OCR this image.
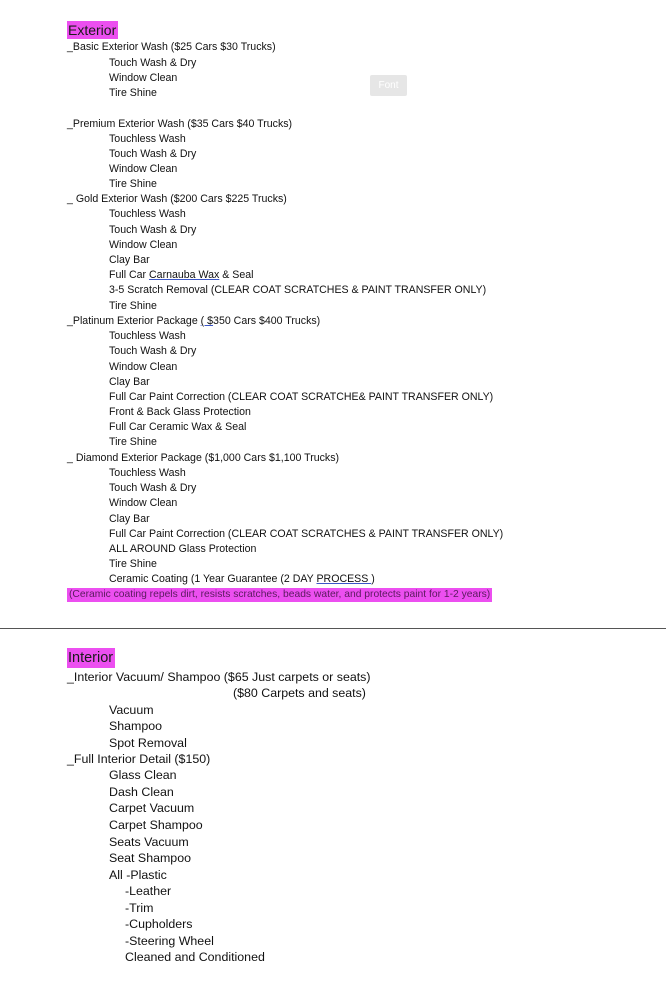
Font
Exterior
_Basic Exterior Wash ($25 Cars $30 Trucks)
Touch Wash & Dry
Window Clean
Tire Shine
_Premium Exterior Wash ($35 Cars $40 Trucks)
Touchless Wash
Touch Wash & Dry
Window Clean
Tire Shine
_ Gold Exterior Wash ($200 Cars $225 Trucks)
Touchless Wash
Touch Wash & Dry
Window Clean
Clay Bar
Full Car Carnauba Wax & Seal
3-5 Scratch Removal (CLEAR COAT SCRATCHES & PAINT TRANSFER ONLY)
Tire Shine
_Platinum Exterior Package ( $350 Cars $400 Trucks)
Touchless Wash
Touch Wash & Dry
Window Clean
Clay Bar
Full Car Paint Correction (CLEAR COAT SCRATCHE& PAINT TRANSFER ONLY)
Front & Back Glass Protection
Full Car Ceramic Wax & Seal
Tire Shine
_ Diamond Exterior Package ($1,000 Cars $1,100 Trucks)
Touchless Wash
Touch Wash & Dry
Window Clean
Clay Bar
Full Car Paint Correction (CLEAR COAT SCRATCHES & PAINT TRANSFER ONLY)
ALL AROUND Glass Protection
Tire Shine
Ceramic Coating (1 Year Guarantee (2 DAY PROCESS )
(Ceramic coating repels dirt, resists scratches, beads water, and protects paint for 1-2 years)
Interior
_Interior Vacuum/ Shampoo ($65 Just carpets or seats)
($80 Carpets and seats)
Vacuum
Shampoo
Spot Removal
_Full Interior Detail ($150)
Glass Clean
Dash Clean
Carpet Vacuum
Carpet Shampoo
Seats Vacuum
Seat Shampoo
All -Plastic
-Leather
-Trim
-Cupholders
-Steering Wheel
Cleaned and Conditioned
